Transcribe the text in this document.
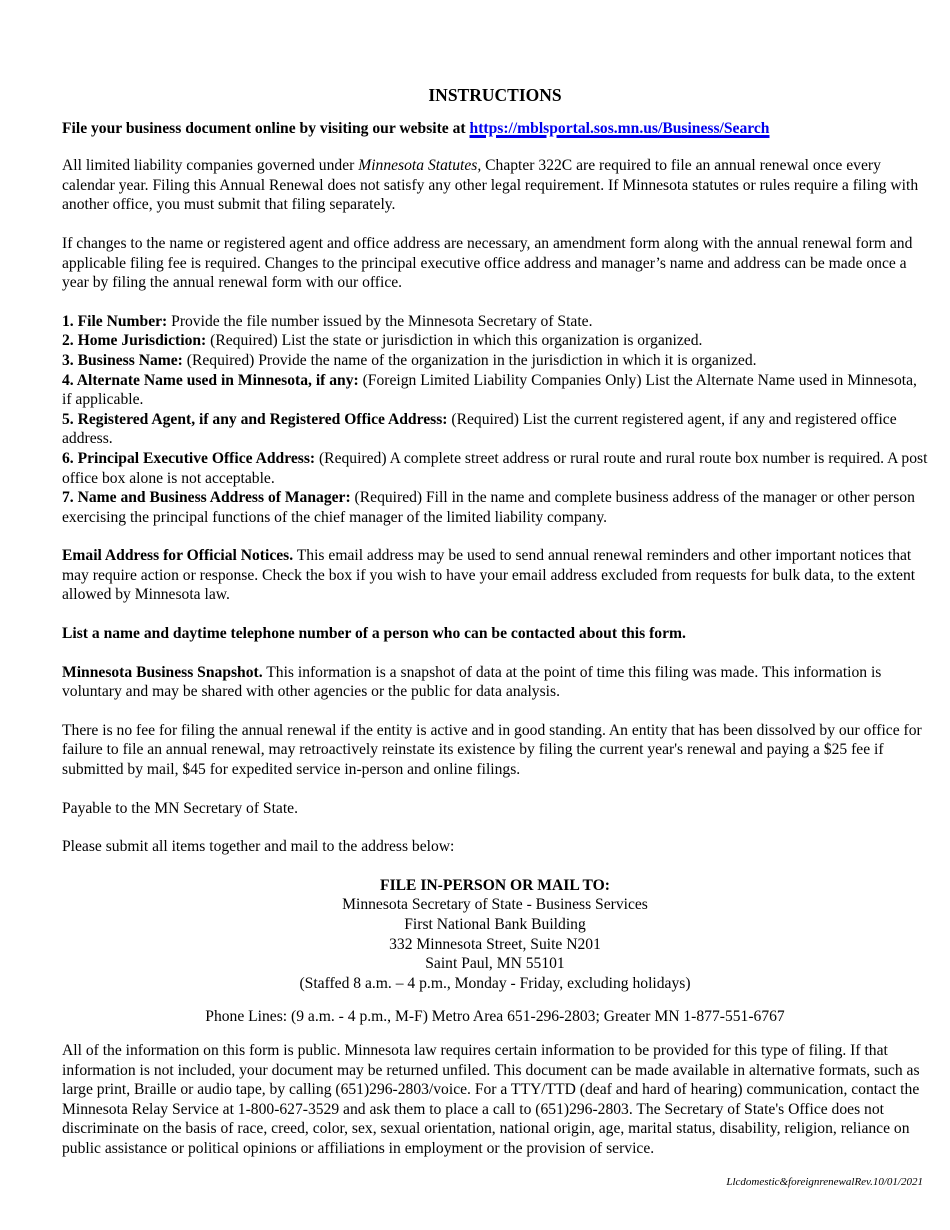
INSTRUCTIONS
File your business document online by visiting our website at https://mblsportal.sos.mn.us/Business/Search

All limited liability companies governed under Minnesota Statutes, Chapter 322C are required to file an annual renewal once every calendar year. Filing this Annual Renewal does not satisfy any other legal requirement. If Minnesota statutes or rules require a filing with another office, you must submit that filing separately.

If changes to the name or registered agent and office address are necessary, an amendment form along with the annual renewal form and applicable filing fee is required. Changes to the principal executive office address and manager’s name and address can be made once a year by filing the annual renewal form with our office.

1. File Number: Provide the file number issued by the Minnesota Secretary of State.
2. Home Jurisdiction: (Required) List the state or jurisdiction in which this organization is organized.
3. Business Name: (Required) Provide the name of the organization in the jurisdiction in which it is organized.
4. Alternate Name used in Minnesota, if any: (Foreign Limited Liability Companies Only) List the Alternate Name used in Minnesota, if applicable.
5. Registered Agent, if any and Registered Office Address: (Required) List the current registered agent, if any and registered office address.
6. Principal Executive Office Address: (Required) A complete street address or rural route and rural route box number is required. A post office box alone is not acceptable.
7. Name and Business Address of Manager: (Required) Fill in the name and complete business address of the manager or other person exercising the principal functions of the chief manager of the limited liability company.

Email Address for Official Notices. This email address may be used to send annual renewal reminders and other important notices that may require action or response. Check the box if you wish to have your email address excluded from requests for bulk data, to the extent allowed by Minnesota law.

List a name and daytime telephone number of a person who can be contacted about this form.

Minnesota Business Snapshot. This information is a snapshot of data at the point of time this filing was made. This information is voluntary and may be shared with other agencies or the public for data analysis.

There is no fee for filing the annual renewal if the entity is active and in good standing. An entity that has been dissolved by our office for failure to file an annual renewal, may retroactively reinstate its existence by filing the current year's renewal and paying a $25 fee if submitted by mail, $45 for expedited service in-person and online filings.

Payable to the MN Secretary of State.

Please submit all items together and mail to the address below:

FILE IN-PERSON OR MAIL TO:
Minnesota Secretary of State - Business Services
First National Bank Building
332 Minnesota Street, Suite N201
Saint Paul, MN 55101
(Staffed 8 a.m. – 4 p.m., Monday - Friday, excluding holidays)
Phone Lines: (9 a.m. - 4 p.m., M-F) Metro Area 651-296-2803; Greater MN 1-877-551-6767

All of the information on this form is public. Minnesota law requires certain information to be provided for this type of filing. If that information is not included, your document may be returned unfiled. This document can be made available in alternative formats, such as large print, Braille or audio tape, by calling (651)296-2803/voice. For a TTY/TTD (deaf and hard of hearing) communication, contact the Minnesota Relay Service at 1-800-627-3529 and ask them to place a call to (651)296-2803. The Secretary of State's Office does not discriminate on the basis of race, creed, color, sex, sexual orientation, national origin, age, marital status, disability, religion, reliance on public assistance or political opinions or affiliations in employment or the provision of service.

Llcdomestic&foreignrenewalRev.10/01/2021
